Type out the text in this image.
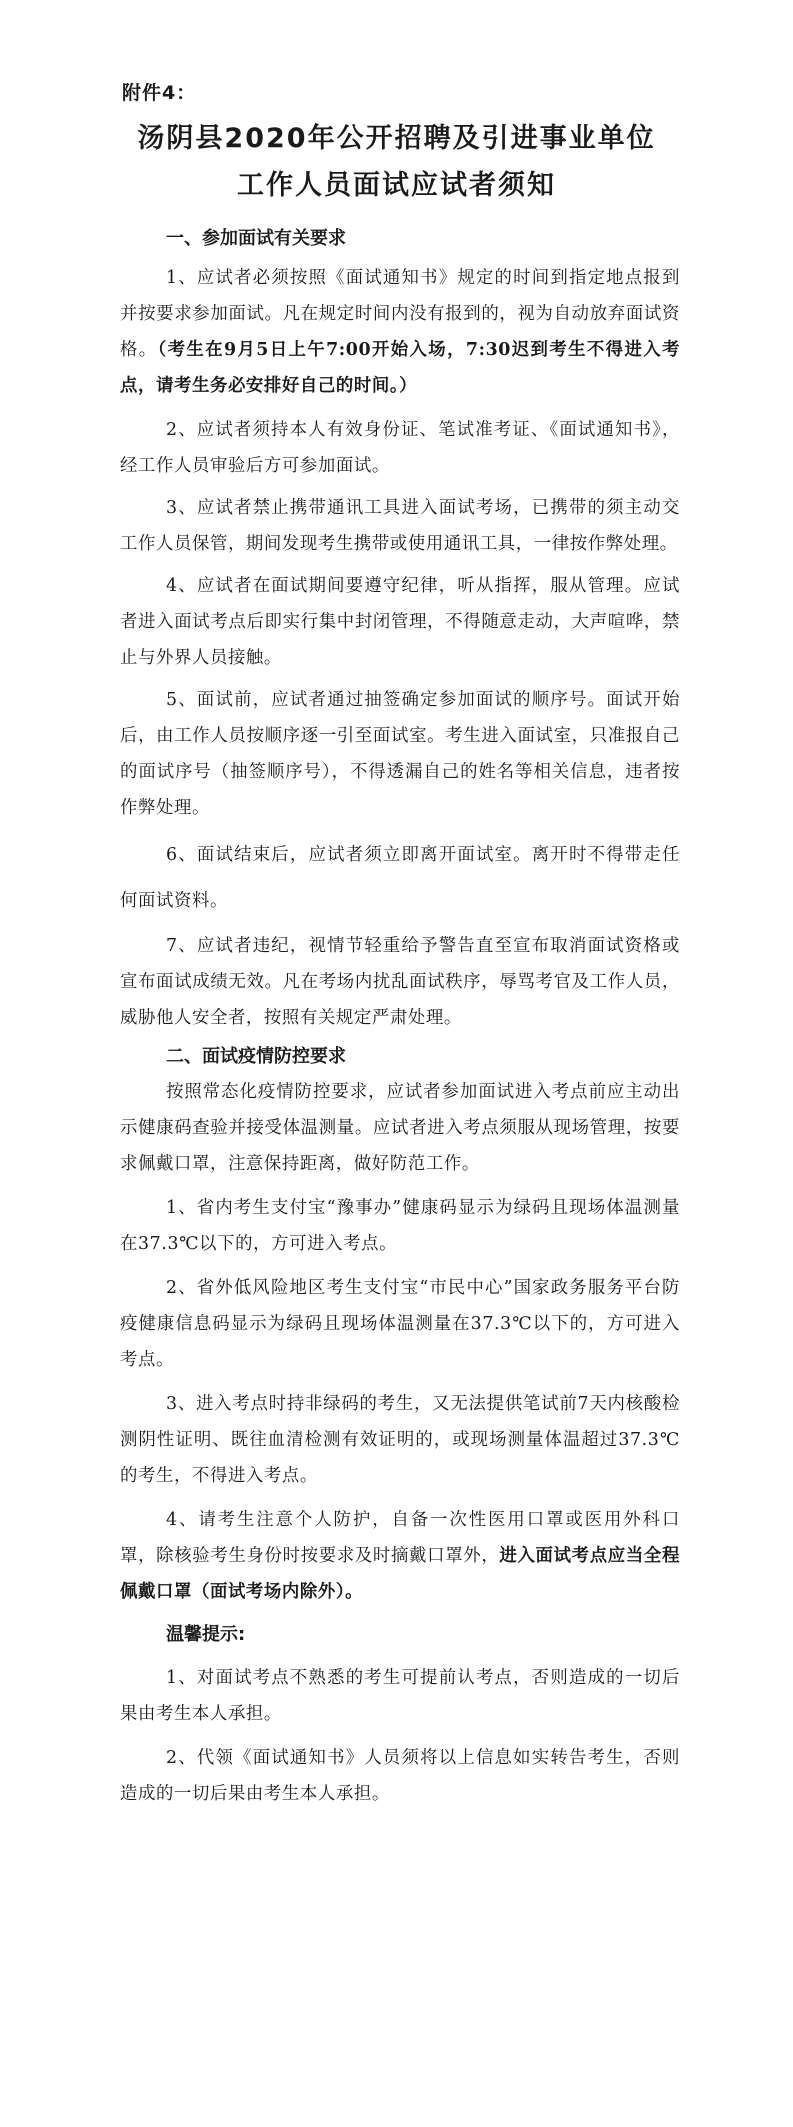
附件4：
汤阴县2020年公开招聘及引进事业单位
工作人员面试应试者须知

一、参加面试有关要求

1、应试者必须按照《面试通知书》规定的时间到指定地点报到并按要求参加面试。凡在规定时间内没有报到的，视为自动放弃面试资格。（考生在9月5日上午7:00开始入场，7:30迟到考生不得进入考点，请考生务必安排好自己的时间。）

2、应试者须持本人有效身份证、笔试准考证、《面试通知书》，经工作人员审验后方可参加面试。

3、应试者禁止携带通讯工具进入面试考场，已携带的须主动交工作人员保管，期间发现考生携带或使用通讯工具，一律按作弊处理。

4、应试者在面试期间要遵守纪律，听从指挥，服从管理。应试者进入面试考点后即实行集中封闭管理，不得随意走动，大声喧哗，禁止与外界人员接触。

5、面试前，应试者通过抽签确定参加面试的顺序号。面试开始后，由工作人员按顺序逐一引至面试室。考生进入面试室，只准报自己的面试序号（抽签顺序号），不得透漏自己的姓名等相关信息，违者按作弊处理。

6、面试结束后，应试者须立即离开面试室。离开时不得带走任何面试资料。

7、应试者违纪，视情节轻重给予警告直至宣布取消面试资格或宣布面试成绩无效。凡在考场内扰乱面试秩序，辱骂考官及工作人员，威胁他人安全者，按照有关规定严肃处理。

二、面试疫情防控要求

按照常态化疫情防控要求，应试者参加面试进入考点前应主动出示健康码查验并接受体温测量。应试者进入考点须服从现场管理，按要求佩戴口罩，注意保持距离，做好防范工作。

1、省内考生支付宝“豫事办”健康码显示为绿码且现场体温测量在37.3℃以下的，方可进入考点。

2、省外低风险地区考生支付宝“市民中心”国家政务服务平台防疫健康信息码显示为绿码且现场体温测量在37.3℃以下的，方可进入考点。

3、进入考点时持非绿码的考生，又无法提供笔试前7天内核酸检测阴性证明、既往血清检测有效证明的，或现场测量体温超过37.3℃的考生，不得进入考点。

4、请考生注意个人防护，自备一次性医用口罩或医用外科口罩，除核验考生身份时按要求及时摘戴口罩外，进入面试考点应当全程佩戴口罩（面试考场内除外）。

温馨提示:

1、对面试考点不熟悉的考生可提前认考点，否则造成的一切后果由考生本人承担。

2、代领《面试通知书》人员须将以上信息如实转告考生，否则造成的一切后果由考生本人承担。
